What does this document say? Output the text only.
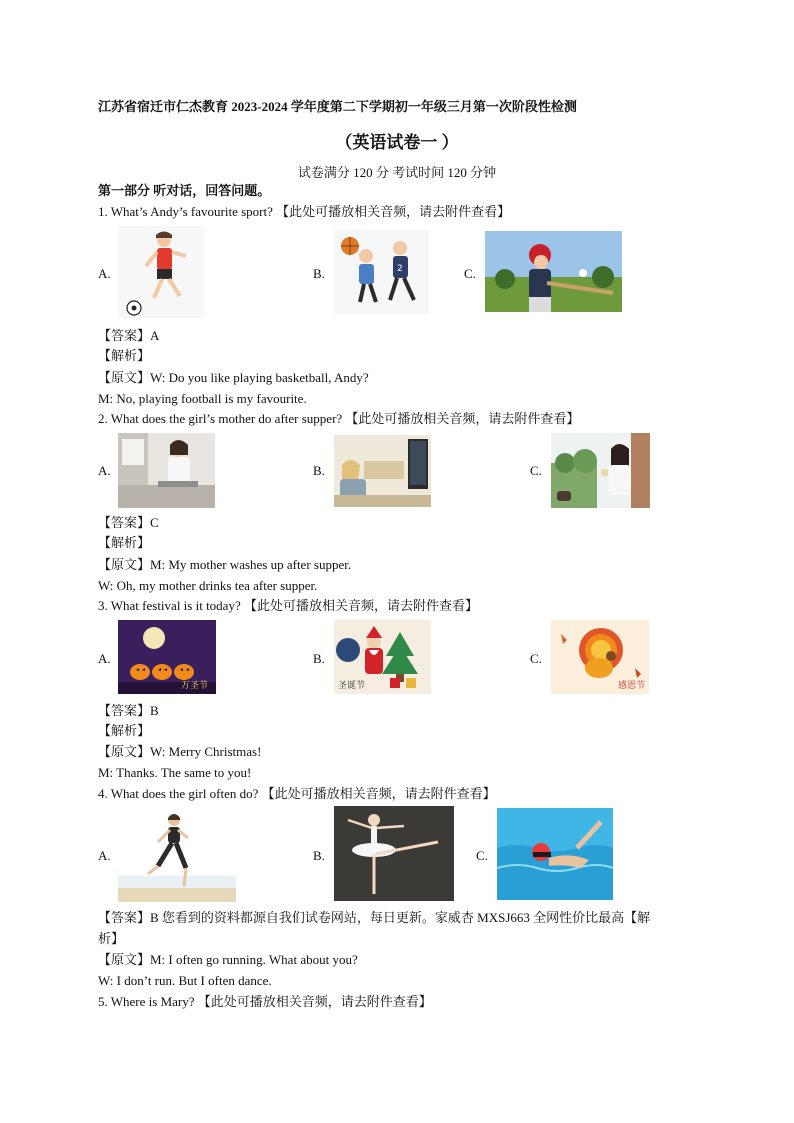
江苏省宿迁市仁杰教育 2023-2024 学年度第二下学期初一年级三月第一次阶段性检测
（英语试卷一 ）
试卷满分 120 分 考试时间 120 分钟
第一部分 听对话，回答问题。
1. What’s Andy’s favourite sport? 【此处可播放相关音频，请去附件查看】
A.	B.	2	C.
【答案】A
【解析】
【原文】W: Do you like playing basketball, Andy?
M: No, playing football is my favourite.
2. What does the girl’s mother do after supper? 【此处可播放相关音频，请去附件查看】
A.	B.	C.
【答案】C
【解析】
【原文】M: My mother washes up after supper.
W: Oh, my mother drinks tea after supper.
3. What festival is it today? 【此处可播放相关音频，请去附件查看】
A.
万圣节
B.
圣诞节
C.
感恩节
【答案】B
【解析】
【原文】W: Merry Christmas!
M: Thanks. The same to you!
4. What does the girl often do? 【此处可播放相关音频，请去附件查看】
A.	B.	C.
【答案】B 您看到的资料都源自我们试卷网站，每日更新。家威杏 MXSJ663 全网性价比最高【解
析】
【原文】M: I often go running. What about you?
W: I don’t run. But I often dance.
5. Where is Mary? 【此处可播放相关音频，请去附件查看】
